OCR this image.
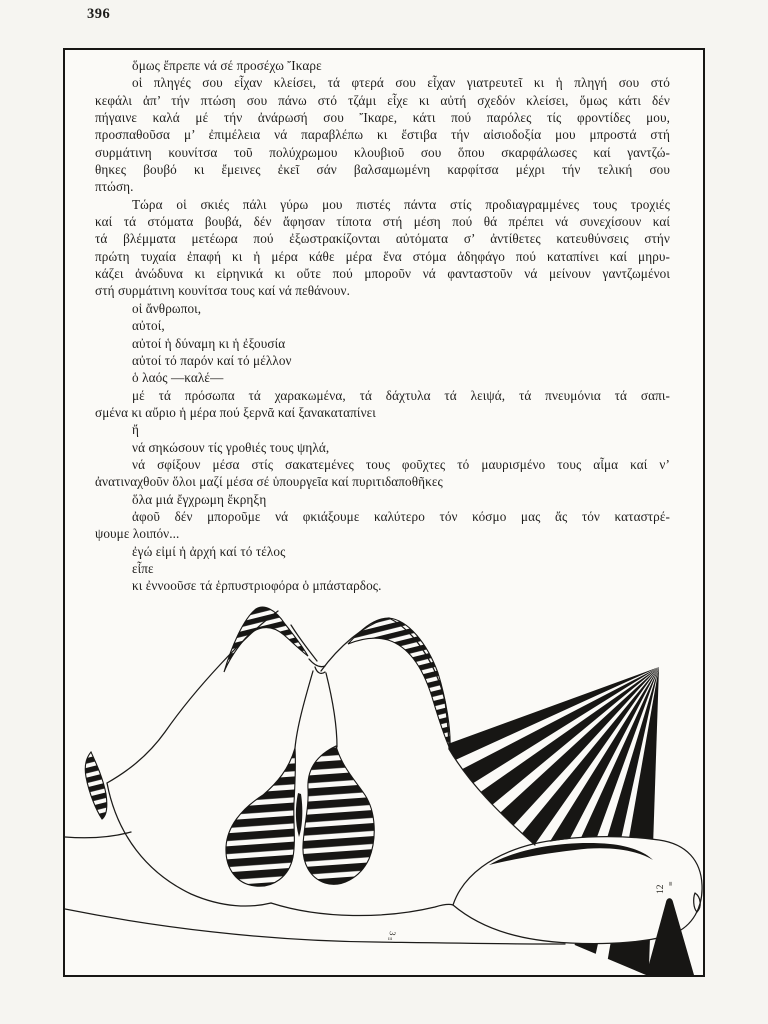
396
ὅμως ἔπρεπε νά σέ προσέχω Ἴκαρε
οἱ πληγές σου εἶχαν κλείσει, τά φτερά σου εἶχαν γιατρευτεῖ κι ἡ πληγή σου στό
κεφάλι ἀπ’ τήν πτώση σου πάνω στό τζάμι εἶχε κι αὐτή σχεδόν κλείσει, ὅμως κάτι δέν
πήγαινε καλά μέ τήν ἀνάρωσή σου Ἴκαρε, κάτι πού παρόλες τίς φροντίδες μου,
προσπαθοῦσα μ’ ἐπιμέλεια νά παραβλέπω κι ἔστιβα τήν αἰσιοδοξία μου μπροστά στή
συρμάτινη κουνίτσα τοῦ πολύχρωμου κλουβιοῦ σου ὅπου σκαρφάλωσες καί γαντζώ-
θηκες βουβό κι ἔμεινες ἐκεῖ σάν βαλσαμωμένη καρφίτσα μέχρι τήν τελική σου
πτώση.
Τώρα οἱ σκιές πάλι γύρω μου πιστές πάντα στίς προδιαγραμμένες τους τροχιές
καί τά στόματα βουβά, δέν ἄφησαν τίποτα στή μέση πού θά πρέπει νά συνεχίσουν καί
τά βλέμματα μετέωρα πού ἐξωστρακίζονται αὐτόματα σ’ ἀντίθετες κατευθύνσεις στήν
πρώτη τυχαία ἐπαφή κι ἡ μέρα κάθε μέρα ἕνα στόμα ἀδηφάγο πού καταπίνει καί μηρυ-
κάζει ἀνώδυνα κι εἰρηνικά κι οὔτε πού μποροῦν νά φανταστοῦν νά μείνουν γαντζωμένοι
στή συρμάτινη κουνίτσα τους καί νά πεθάνουν.
οἱ ἄνθρωποι,
αὐτοί,
αὐτοί ἡ δύναμη κι ἡ ἐξουσία
αὐτοί τό παρόν καί τό μέλλον
ὁ λαός —καλέ—
μέ τά πρόσωπα τά χαρακωμένα, τά δάχτυλα τά λειψά, τά πνευμόνια τά σαπι-
σμένα κι αὔριο ἡ μέρα πού ξερνᾶ καί ξανακαταπίνει
ἤ
νά σηκώσουν τίς γροθιές τους ψηλά,
νά σφίξουν μέσα στίς σακατεμένες τους φοῦχτες τό μαυρισμένο τους αἷμα καί ν’
ἀνατιναχθοῦν ὅλοι μαζί μέσα σέ ὑπουργεῖα καί πυριτιδαποθῆκες
ὅλα μιά ἔγχρωμη ἔκρηξη
ἀφοῦ δέν μποροῦμε νά φκιάξουμε καλύτερο τόν κόσμο μας ἄς τόν καταστρέ-
ψουμε λοιπόν...
ἐγώ εἰμί ἡ ἀρχή καί τό τέλος
εἶπε
κι ἐννοοῦσε τά ἑρπυστριοφόρα ὁ μπάσταρδος.
≡
12
3
ııı
